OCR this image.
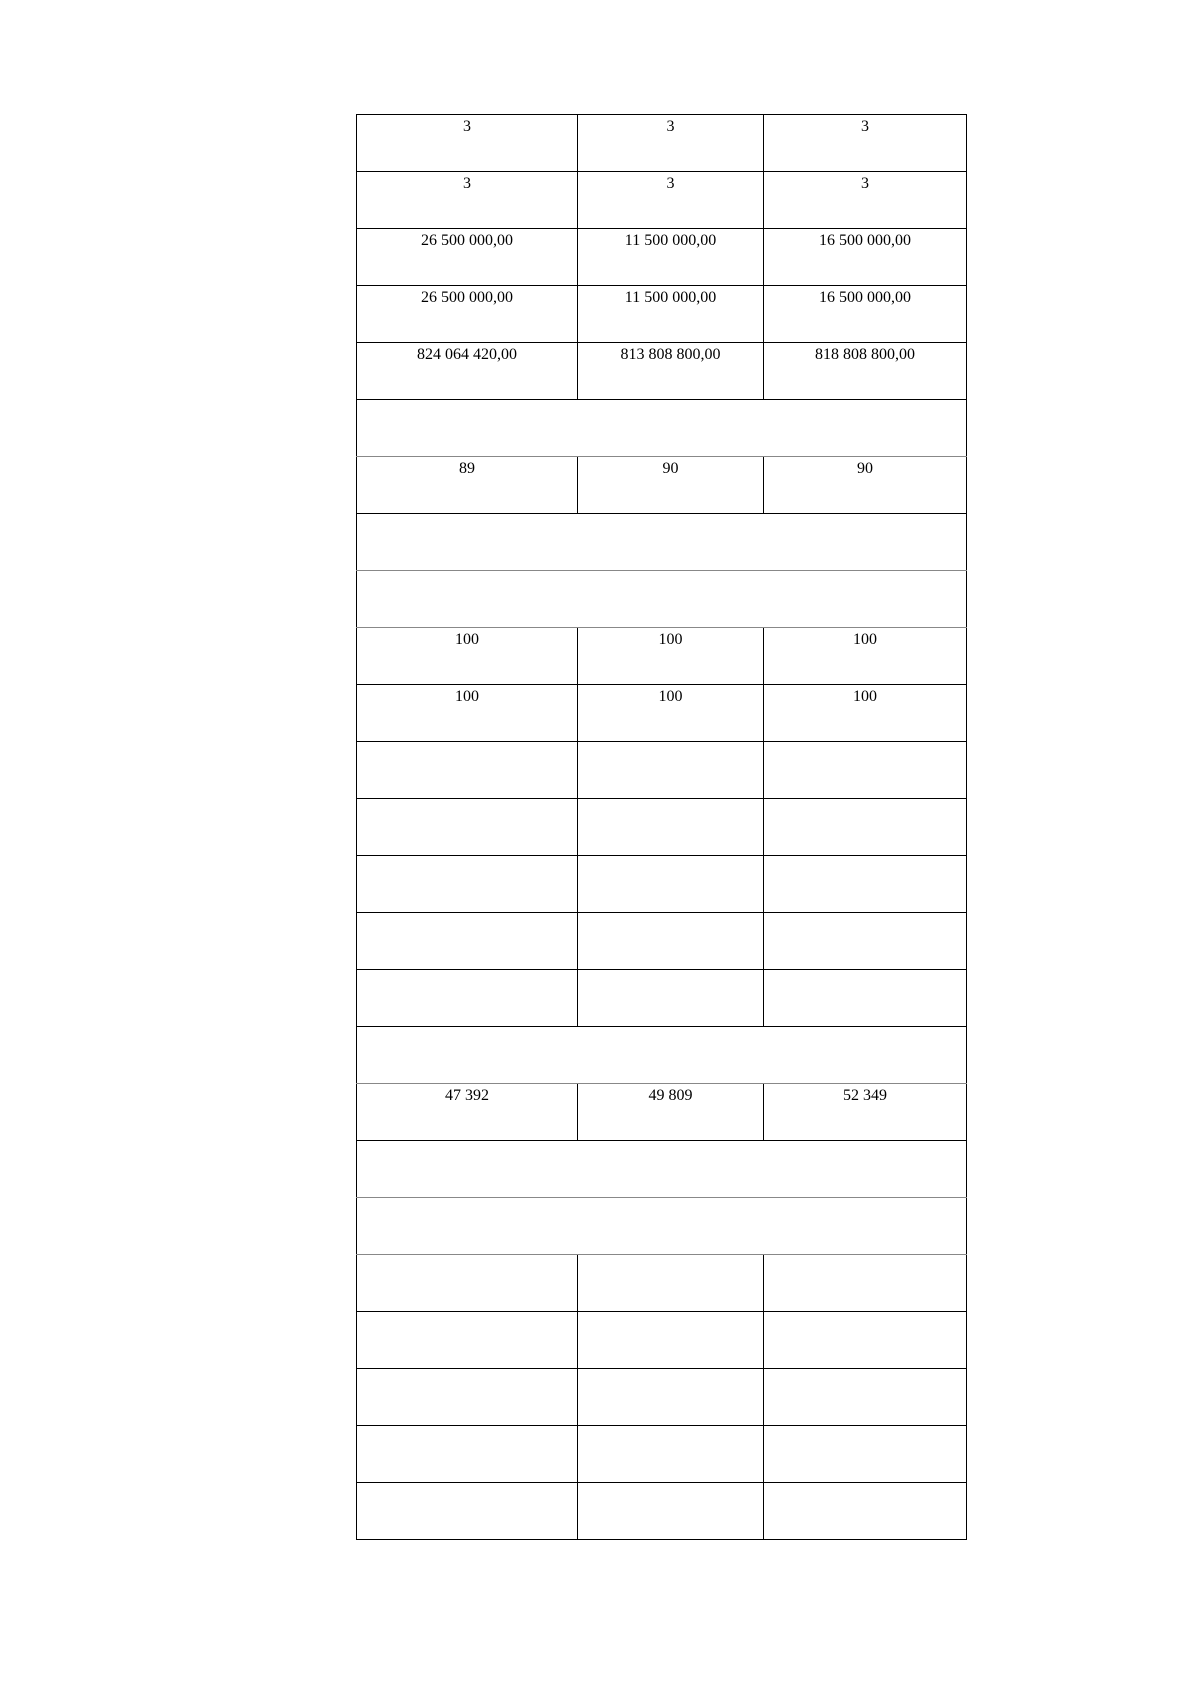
3	3	3

3	3	3

26 500 000,00	11 500 000,00	16 500 000,00

26 500 000,00	11 500 000,00	16 500 000,00

824 064 420,00	813 808 800,00	818 808 800,00

89	90	90

100	100	100

100	100	100

47 392	49 809	52 349
